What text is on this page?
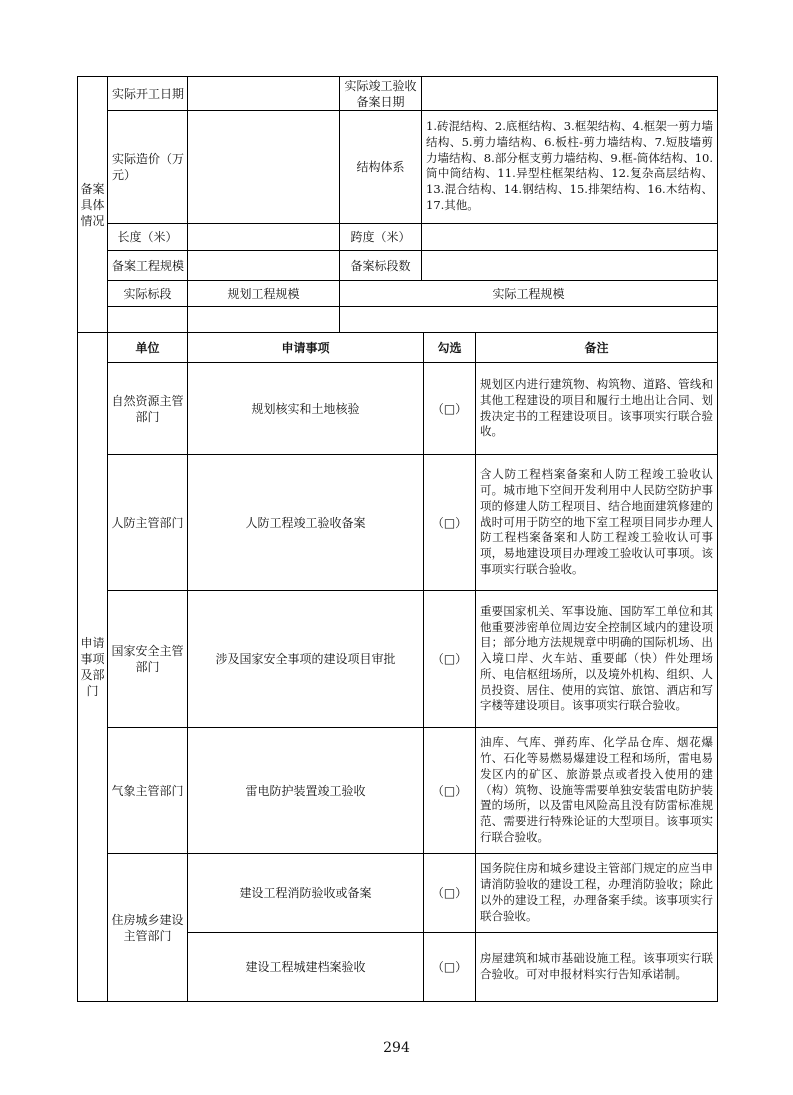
备案具体情况	实际开工日期		实际竣工验收备案日期	
	实际造价（万元）		结构体系	1.砖混结构、2.底框结构、3.框架结构、4.框架一剪力墙结构、5.剪力墙结构、6.板柱-剪力墙结构、7.短肢墙剪力墙结构、8.部分框支剪力墙结构、9.框-筒体结构、10.筒中筒结构、11.异型柱框架结构、12.复杂高层结构、13.混合结构、14.钢结构、15.排架结构、16.木结构、17.其他。
	长度（米）		跨度（米）	
	备案工程规模		备案标段数	
	实际标段	规划工程规模	实际工程规模	

申请事项及部门	单位	申请事项	勾选	备注
	自然资源主管部门	规划核实和土地核验	（□）	规划区内进行建筑物、构筑物、道路、管线和其他工程建设的项目和履行土地出让合同、划拨决定书的工程建设项目。该事项实行联合验收。
	人防主管部门	人防工程竣工验收备案	（□）	含人防工程档案备案和人防工程竣工验收认可。城市地下空间开发利用中人民防空防护事项的修建人防工程项目、结合地面建筑修建的战时可用于防空的地下室工程项目同步办理人防工程档案备案和人防工程竣工验收认可事项，易地建设项目办理竣工验收认可事项。该事项实行联合验收。
	国家安全主管部门	涉及国家安全事项的建设项目审批	（□）	重要国家机关、军事设施、国防军工单位和其他重要涉密单位周边安全控制区域内的建设项目；部分地方法规规章中明确的国际机场、出入境口岸、火车站、重要邮（快）件处理场所、电信枢纽场所，以及境外机构、组织、人员投资、居住、使用的宾馆、旅馆、酒店和写字楼等建设项目。该事项实行联合验收。
	气象主管部门	雷电防护装置竣工验收	（□）	油库、气库、弹药库、化学品仓库、烟花爆竹、石化等易燃易爆建设工程和场所，雷电易发区内的矿区、旅游景点或者投入使用的建（构）筑物、设施等需要单独安装雷电防护装置的场所，以及雷电风险高且没有防雷标准规范、需要进行特殊论证的大型项目。该事项实行联合验收。
	住房城乡建设主管部门	建设工程消防验收或备案	（□）	国务院住房和城乡建设主管部门规定的应当申请消防验收的建设工程，办理消防验收；除此以外的建设工程，办理备案手续。该事项实行联合验收。
		建设工程城建档案验收	（□）	房屋建筑和城市基础设施工程。该事项实行联合验收。可对申报材料实行告知承诺制。
294
